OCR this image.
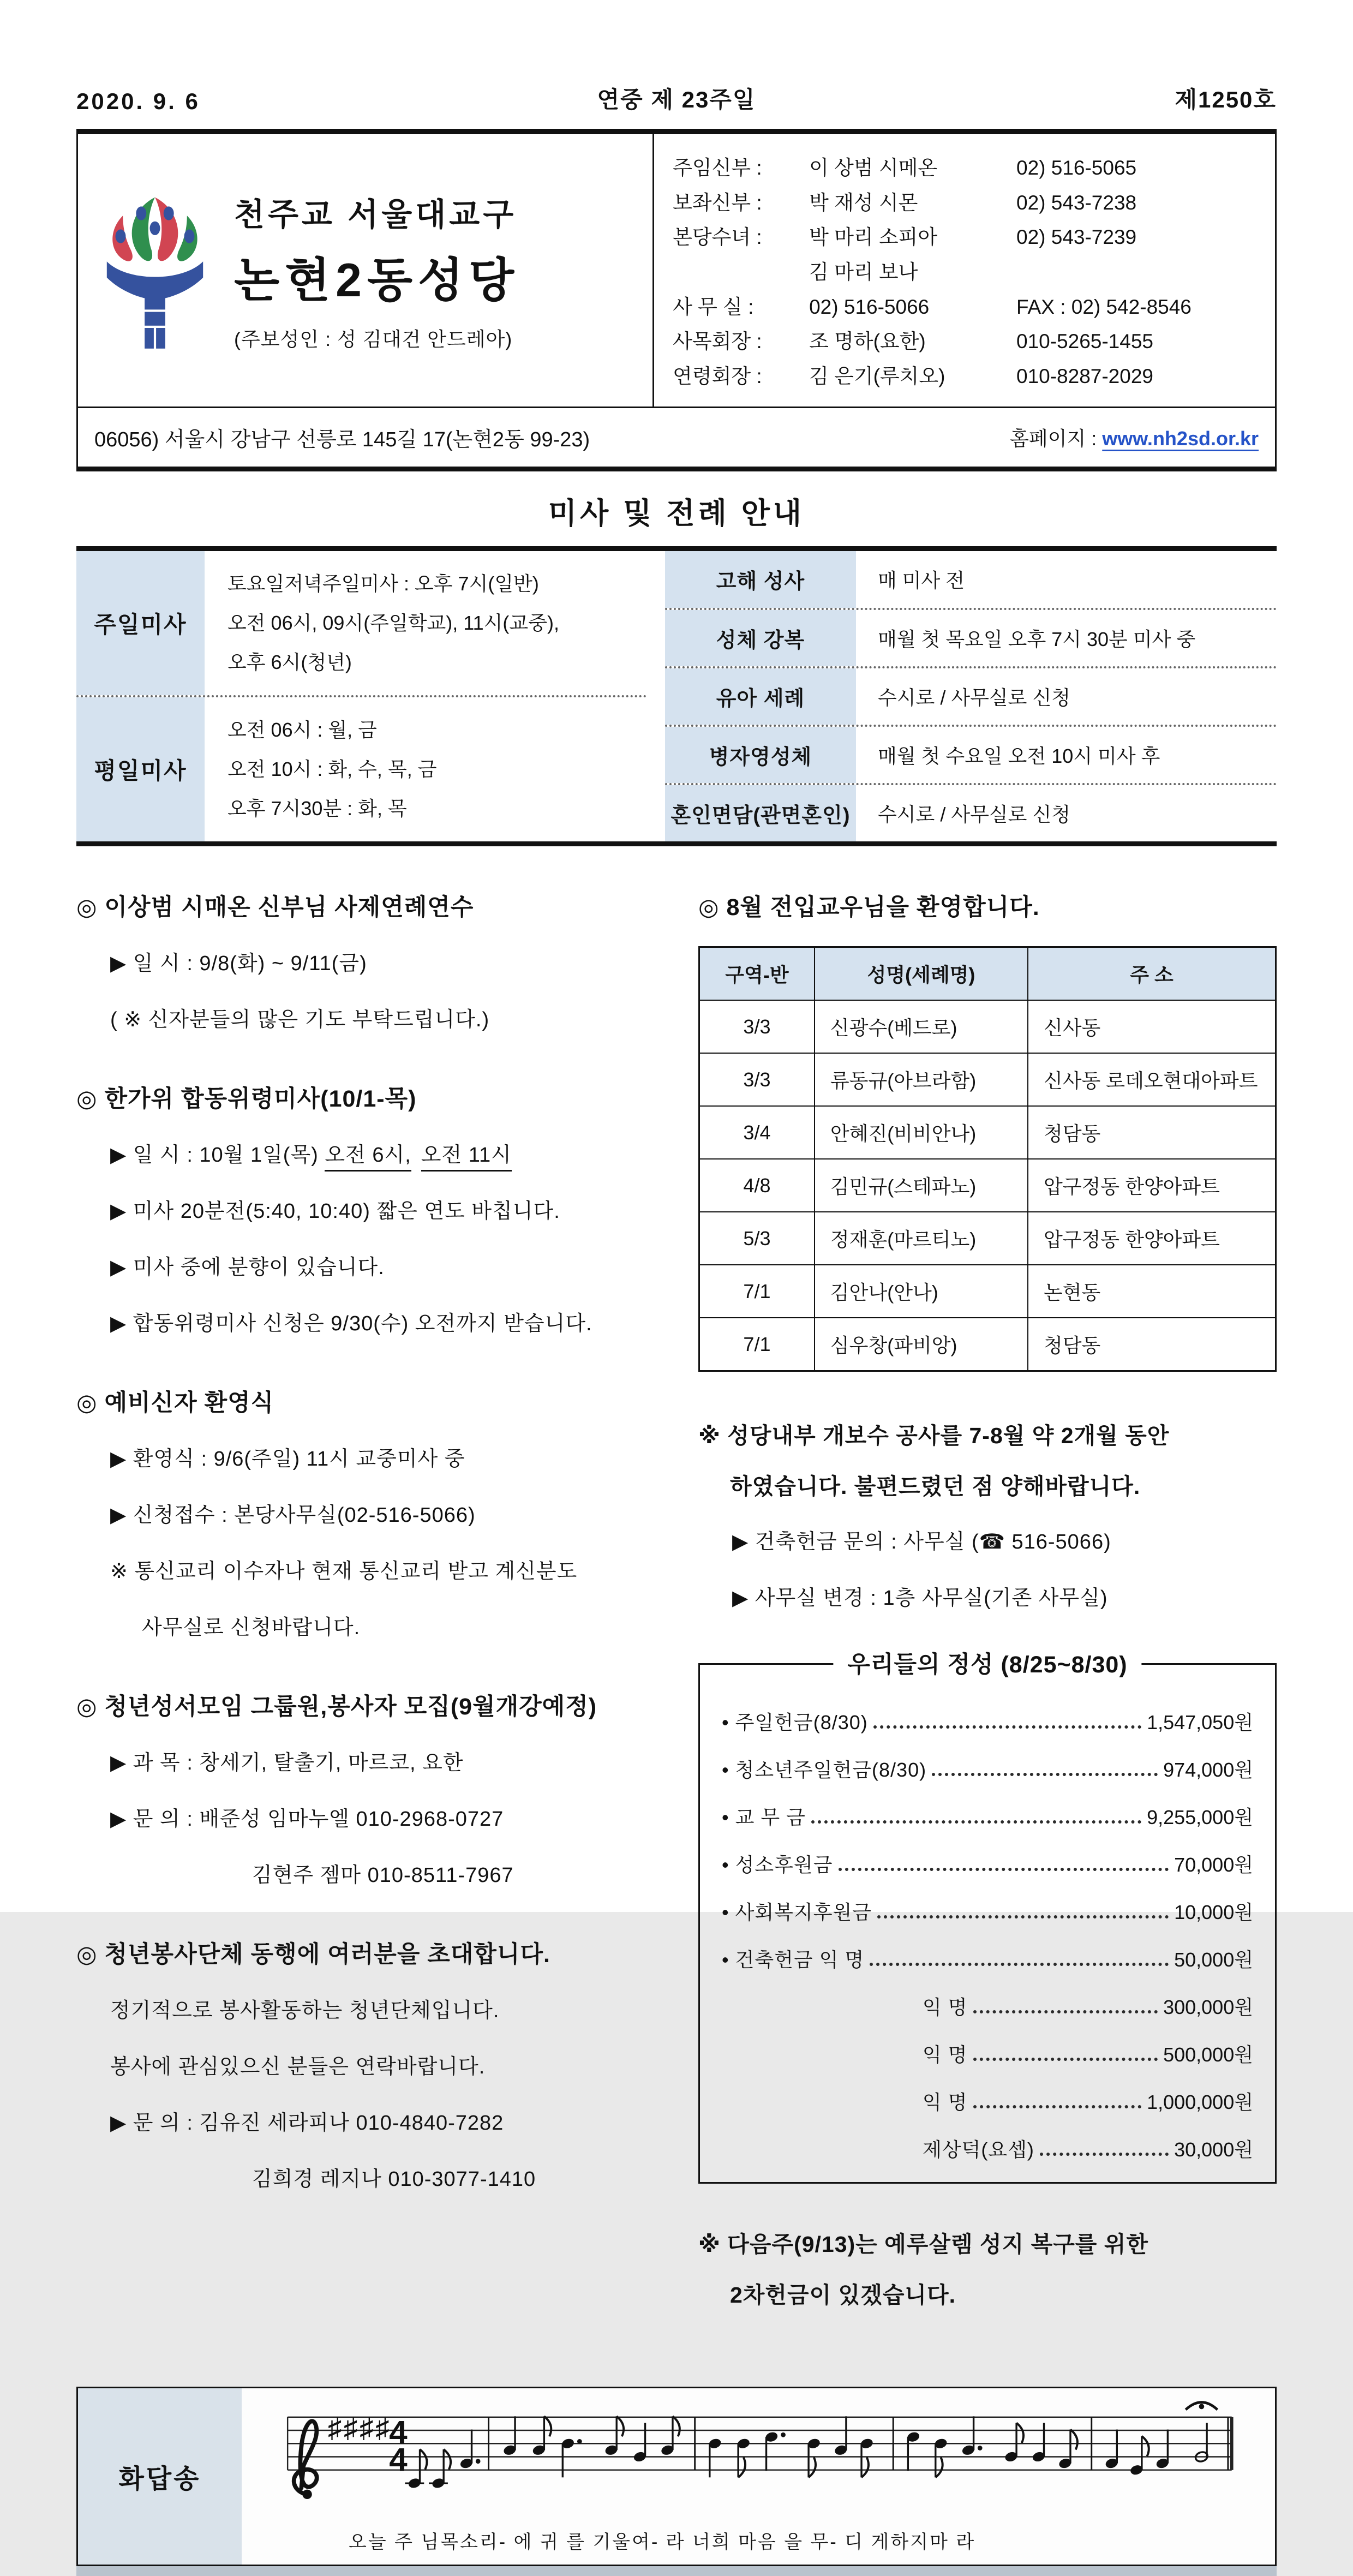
2020. 9. 6	연중 제 23주일	제1250호
천주교 서울대교구
논현2동성당
(주보성인 : 성 김대건 안드레아)
주임신부 :	이 상범 시메온	02) 516-5065
보좌신부 :	박 재성 시몬	02) 543-7238
본당수녀 :	박 마리 소피아	02) 543-7239
김 마리 보나
사 무 실 :	02) 516-5066	FAX : 02) 542-8546
사목회장 :	조 명하(요한)	010-5265-1455
연령회장 :	김 은기(루치오)	010-8287-2029
06056) 서울시 강남구 선릉로 145길 17(논현2동 99-23)	홈페이지 : www.nh2sd.or.kr
미사 및 전례 안내
주일미사
토요일저녁주일미사 : 오후 7시(일반)
오전 06시, 09시(주일학교), 11시(교중),
오후 6시(청년)
평일미사
오전 06시 : 월, 금
오전 10시 : 화, 수, 목, 금
오후 7시30분 : 화, 목
고해 성사	매 미사 전
성체 강복	매월 첫 목요일 오후 7시 30분 미사 중
유아 세례	수시로 / 사무실로 신청
병자영성체	매월 첫 수요일 오전 10시 미사 후
혼인면담(관면혼인)	수시로 / 사무실로 신청
◎ 이상범 시매온 신부님 사제연례연수
▶ 일 시 : 9/8(화) ~ 9/11(금)
( ※ 신자분들의 많은 기도 부탁드립니다.)
◎ 한가위 합동위령미사(10/1-목)
▶ 일 시 : 10월 1일(목) 오전 6시, 오전 11시
▶ 미사 20분전(5:40, 10:40) 짧은 연도 바칩니다.
▶ 미사 중에 분향이 있습니다.
▶ 합동위령미사 신청은 9/30(수) 오전까지 받습니다.
◎ 예비신자 환영식
▶ 환영식 : 9/6(주일) 11시 교중미사 중
▶ 신청접수 : 본당사무실(02-516-5066)
※ 통신교리 이수자나 현재 통신교리 받고 계신분도
사무실로 신청바랍니다.
◎ 청년성서모임 그룹원,봉사자 모집(9월개강예정)
▶ 과 목 : 창세기, 탈출기, 마르코, 요한
▶ 문 의 : 배준성 임마누엘 010-2968-0727
김현주 젬마 010-8511-7967
◎ 청년봉사단체 동행에 여러분을 초대합니다.
정기적으로 봉사활동하는 청년단체입니다.
봉사에 관심있으신 분들은 연락바랍니다.
▶ 문 의 : 김유진 세라피나 010-4840-7282
김희경 레지나 010-3077-1410
◎ 8월 전입교우님을 환영합니다.
구역-반	성명(세례명)	주 소
3/3	신광수(베드로)	신사동
3/3	류동규(아브라함)	신사동 로데오현대아파트
3/4	안혜진(비비안나)	청담동
4/8	김민규(스테파노)	압구정동 한양아파트
5/3	정재훈(마르티노)	압구정동 한양아파트
7/1	김안나(안나)	논현동
7/1	심우창(파비앙)	청담동
※ 성당내부 개보수 공사를 7-8월 약 2개월 동안
하였습니다. 불편드렸던 점 양해바랍니다.
▶ 건축헌금 문의 : 사무실 (☎ 516-5066)
▶ 사무실 변경 : 1층 사무실(기존 사무실)
우리들의 정성 (8/25~8/30)
• 주일헌금(8/30)	1,547,050원
• 청소년주일헌금(8/30)	974,000원
• 교 무 금	9,255,000원
• 성소후원금	70,000원
• 사회복지후원금	10,000원
• 건축헌금 익 명	50,000원
익 명	300,000원
익 명	500,000원
익 명	1,000,000원
제상덕(요셉)	30,000원
※ 다음주(9/13)는 예루살렘 성지 복구를 위한
2차헌금이 있겠습니다.
화답송
♯♯♯♯
4
4
오늘 주 님목소리- 에 귀 를 기울여- 라 너희 마음 을 무- 디 게하지마 라
